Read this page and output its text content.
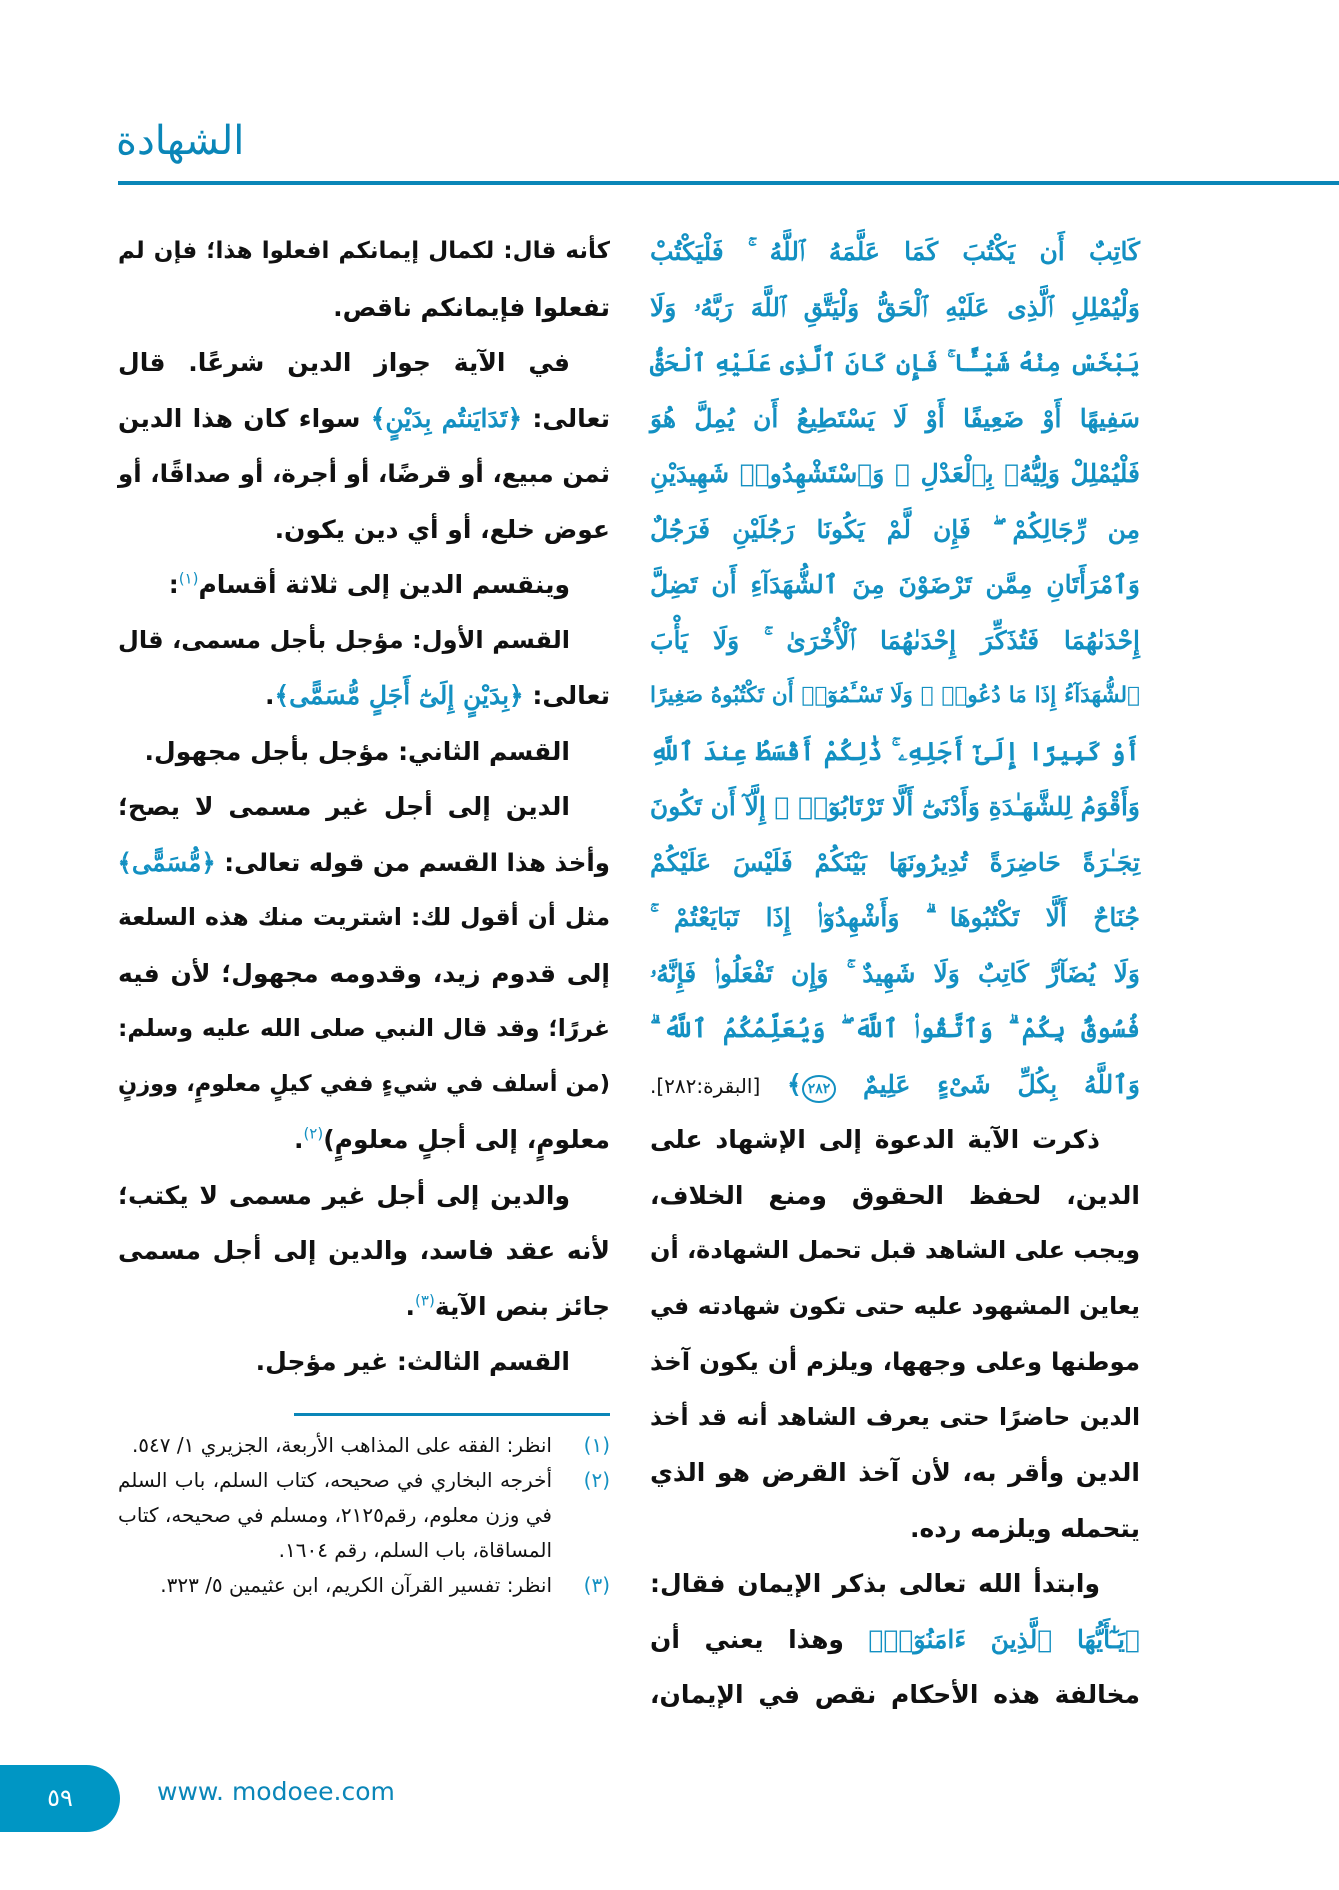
الشهادة
كَاتِبٌ أَن يَكْتُبَ كَمَا عَلَّمَهُ ٱللَّهُ ۚ فَلْيَكْتُبْ
وَلْيُمْلِلِ ٱلَّذِى عَلَيْهِ ٱلْحَقُّ وَلْيَتَّقِ ٱللَّهَ رَبَّهُۥ وَلَا
يَبْخَسْ مِنْهُ شَيْـًٔا ۚ فَإِن كَانَ ٱلَّذِى عَلَيْهِ ٱلْحَقُّ
سَفِيهًا أَوْ ضَعِيفًا أَوْ لَا يَسْتَطِيعُ أَن يُمِلَّ هُوَ
فَلْيُمْلِلْ وَلِيُّهُۥ بِٱلْعَدْلِ ۚ وَٱسْتَشْهِدُوا۟ شَهِيدَيْنِ
مِن رِّجَالِكُمْ ۖ فَإِن لَّمْ يَكُونَا رَجُلَيْنِ فَرَجُلٌ
وَٱمْرَأَتَانِ مِمَّن تَرْضَوْنَ مِنَ ٱلشُّهَدَآءِ أَن تَضِلَّ
إِحْدَىٰهُمَا فَتُذَكِّرَ إِحْدَىٰهُمَا ٱلْأُخْرَىٰ ۚ وَلَا يَأْبَ
ٱلشُّهَدَآءُ إِذَا مَا دُعُوا۟ ۚ وَلَا تَسْـَٔمُوٓا۟ أَن تَكْتُبُوهُ صَغِيرًا
أَوْ كَبِيرًا إِلَىٰٓ أَجَلِهِۦ ۚ ذَٰلِكُمْ أَقْسَطُ عِندَ ٱللَّهِ
وَأَقْوَمُ لِلشَّهَـٰدَةِ وَأَدْنَىٰٓ أَلَّا تَرْتَابُوٓا۟ ۖ إِلَّآ أَن تَكُونَ
تِجَـٰرَةً حَاضِرَةً تُدِيرُونَهَا بَيْنَكُمْ فَلَيْسَ عَلَيْكُمْ
جُنَاحٌ أَلَّا تَكْتُبُوهَا ۗ وَأَشْهِدُوٓا۟ إِذَا تَبَايَعْتُمْ ۚ
وَلَا يُضَآرَّ كَاتِبٌ وَلَا شَهِيدٌ ۚ وَإِن تَفْعَلُوا۟ فَإِنَّهُۥ
فُسُوقٌۢ بِكُمْ ۗ وَٱتَّقُوا۟ ٱللَّهَ ۖ وَيُعَلِّمُكُمُ ٱللَّهُ ۗ
وَٱللَّهُ بِكُلِّ شَىْءٍ عَلِيمٌ ٢٨٢﴾ [البقرة:٢٨٢].
ذكرت الآية الدعوة إلى الإشهاد على
الدين، لحفظ الحقوق ومنع الخلاف،
ويجب على الشاهد قبل تحمل الشهادة، أن
يعاين المشهود عليه حتى تكون شهادته في
موطنها وعلى وجهها، ويلزم أن يكون آخذ
الدين حاضرًا حتى يعرف الشاهد أنه قد أخذ
الدين وأقر به، لأن آخذ القرض هو الذي
يتحمله ويلزمه رده.
وابتدأ الله تعالى بذكر الإيمان فقال:
﴿يَـٰٓأَيُّهَا ٱلَّذِينَ ءَامَنُوٓا۟﴾ وهذا يعني أن
مخالفة هذه الأحكام نقص في الإيمان،
كأنه قال: لكمال إيمانكم افعلوا هذا؛ فإن لم
تفعلوا فإيمانكم ناقص.
في الآية جواز الدين شرعًا. قال
تعالى: ﴿تَدَايَنتُم بِدَيْنٍ﴾ سواء كان هذا الدين
ثمن مبيع، أو قرضًا، أو أجرة، أو صداقًا، أو
عوض خلع، أو أي دين يكون.
وينقسم الدين إلى ثلاثة أقسام$^{(١)}$:
القسم الأول: مؤجل بأجل مسمى، قال
تعالى: ﴿بِدَيْنٍ إِلَىٰٓ أَجَلٍ مُّسَمًّى﴾.
القسم الثاني: مؤجل بأجل مجهول.
الدين إلى أجل غير مسمى لا يصح؛
وأخذ هذا القسم من قوله تعالى: ﴿مُّسَمًّى﴾
مثل أن أقول لك: اشتريت منك هذه السلعة
إلى قدوم زيد، وقدومه مجهول؛ لأن فيه
غررًا؛ وقد قال النبي صلى الله عليه وسلم:
(من أسلف في شيءٍ ففي كيلٍ معلومٍ، ووزنٍ
معلومٍ، إلى أجلٍ معلومٍ)$^{(٢)}$.
والدين إلى أجل غير مسمى لا يكتب؛
لأنه عقد فاسد، والدين إلى أجل مسمى
جائز بنص الآية$^{(٣)}$.
القسم الثالث: غير مؤجل.
(١)
انظر: الفقه على المذاهب الأربعة، الجزيري ١/ ٥٤٧.
(٢)
أخرجه البخاري في صحيحه، كتاب السلم، باب السلم في وزن معلوم، رقم٢١٢٥، ومسلم في صحيحه، كتاب المساقاة، باب السلم، رقم ١٦٠٤.
(٣)
انظر: تفسير القرآن الكريم، ابن عثيمين ٥/ ٣٢٣.
٥٩	www. modoee.com
